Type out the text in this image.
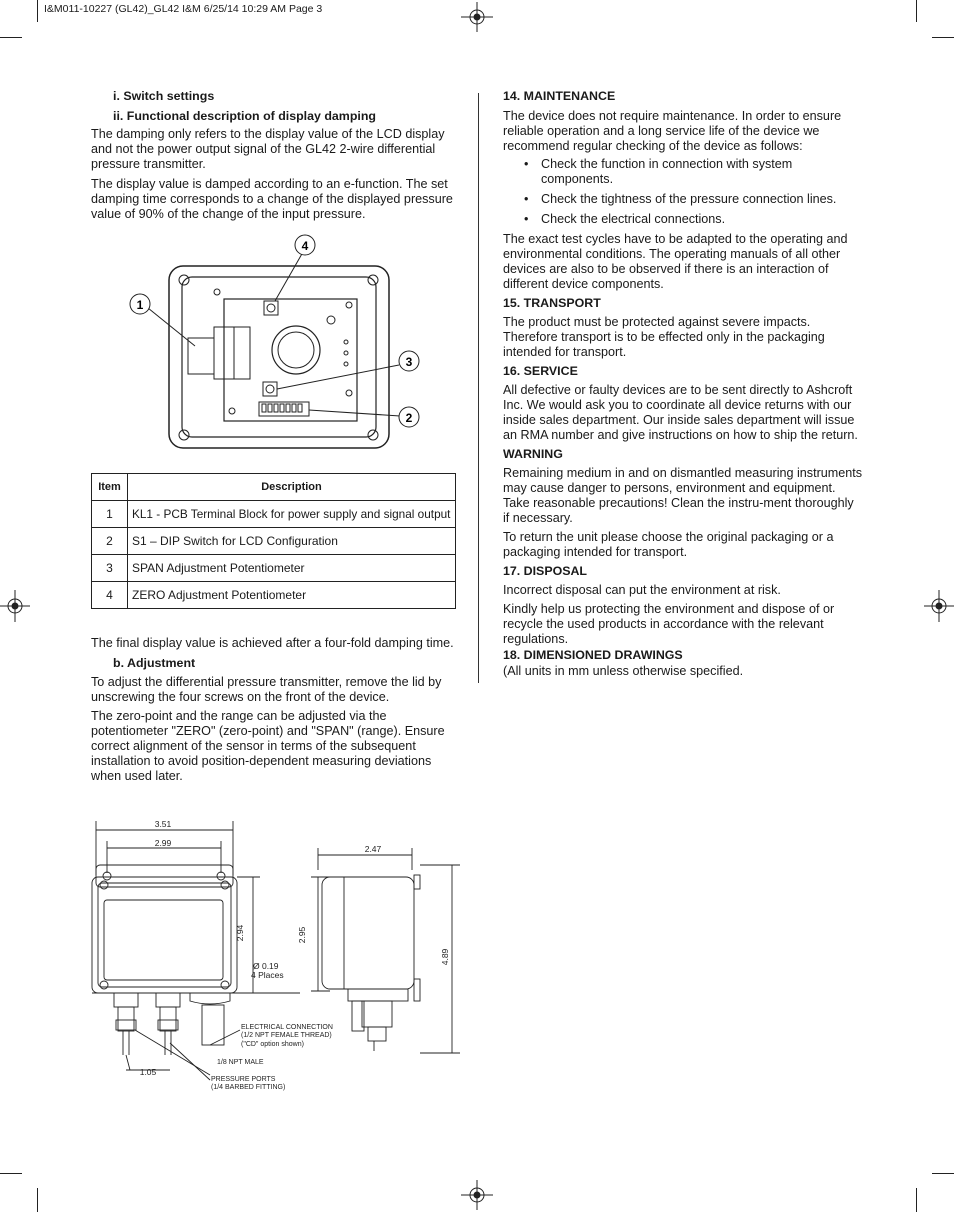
I&M011-10227 (GL42)_GL42 I&M 6/25/14 10:29 AM Page 3

i. Switch settings

ii. Functional description of display damping

The damping only refers to the display value of the LCD display and not the power output signal of the GL42 2-wire differential pressure transmitter.

The display value is damped according to an e-function. The set damping time corresponds to a change of the displayed pressure value of 90% of the change of the input pressure.

1
2
3
4
Item	Description
1	KL1 - PCB Terminal Block for power supply and signal output
2	S1 – DIP Switch for LCD Configuration
3	SPAN Adjustment Potentiometer
4	ZERO Adjustment Potentiometer

The final display value is achieved after a four-fold damping time.

b. Adjustment

To adjust the differential pressure transmitter, remove the lid by unscrewing the four screws on the front of the device.

The zero-point and the range can be adjusted via the potentiometer "ZERO" (zero-point) and "SPAN" (range). Ensure correct alignment of the sensor in terms of the subsequent installation to avoid position-dependent measuring deviations when used later.

14. MAINTENANCE

The device does not require maintenance. In order to ensure reliable operation and a long service life of the device we recommend regular checking of the device as follows:

• Check the function in connection with system components.
• Check the tightness of the pressure connection lines.
• Check the electrical connections.

The exact test cycles have to be adapted to the operating and environmental conditions. The operating manuals of all other devices are also to be observed if there is an interaction of different device components.

15. TRANSPORT

The product must be protected against severe impacts. Therefore transport is to be effected only in the packaging intended for transport.

16. SERVICE

All defective or faulty devices are to be sent directly to Ashcroft Inc. We would ask you to coordinate all device returns with our inside sales department. Our inside sales department will issue an RMA number and give instructions on how to ship the return.

WARNING

Remaining medium in and on dismantled measuring instruments may cause danger to persons, environment and equipment. Take reasonable precautions! Clean the instru-ment thoroughly if necessary.

To return the unit please choose the original packaging or a packaging intended for transport.

17. DISPOSAL

Incorrect disposal can put the environment at risk.

Kindly help us protecting the environment and dispose of or recycle the used products in accordance with the relevant regulations.

18. DIMENSIONED DRAWINGS

(All units in mm unless otherwise specified.

3.51
2.99
2.47
2.94	2.95
4.89
Ø 0.19
4 Places
1.05
ELECTRICAL CONNECTION
(1/2 NPT FEMALE THREAD)
("CD" option shown)
1/8 NPT MALE
PRESSURE PORTS
(1/4 BARBED FITTING)
